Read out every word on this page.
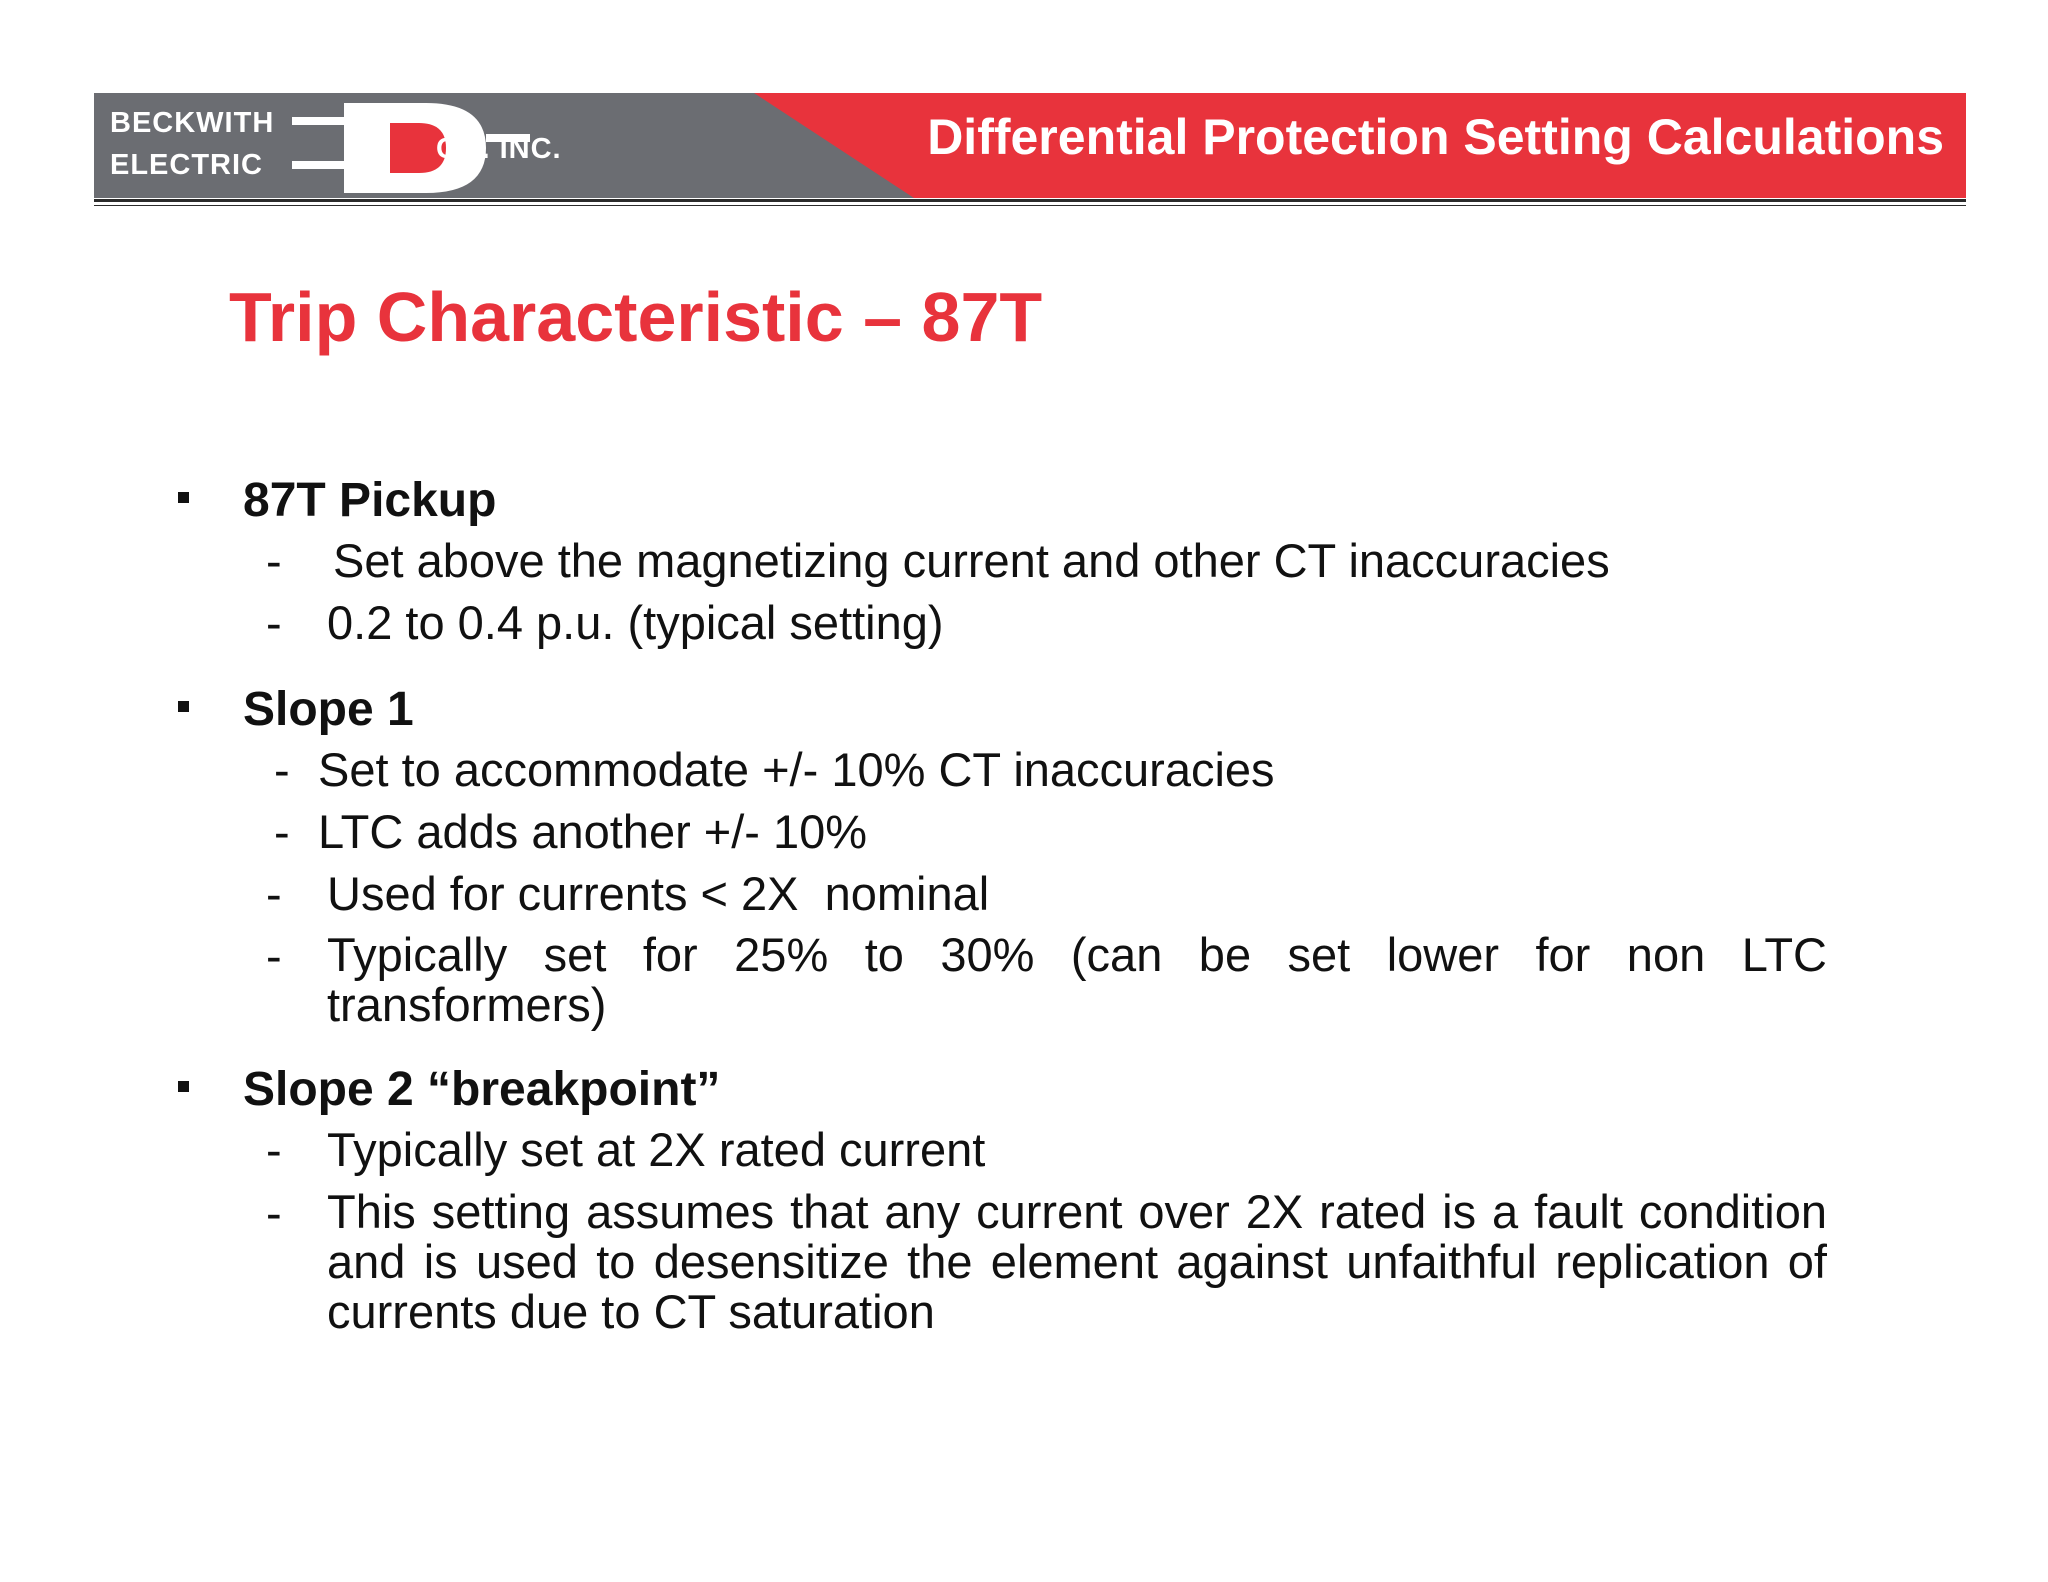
BECKWITH
ELECTRIC	CO. INC.	Differential Protection Setting Calculations
Trip Characteristic – 87T
87T Pickup
- Set above the magnetizing current and other CT inaccuracies
- 0.2 to 0.4 p.u. (typical setting)
Slope 1
- Set to accommodate +/- 10% CT inaccuracies
- LTC adds another +/- 10%
- Used for currents < 2X  nominal
- Typically set for 25% to 30% (can be set lower for non LTC transformers)
Slope 2 “breakpoint”
- Typically set at 2X rated current
- This setting assumes that any current over 2X rated is a fault condition and is used to desensitize the element against unfaithful replication of currents due to CT saturation
